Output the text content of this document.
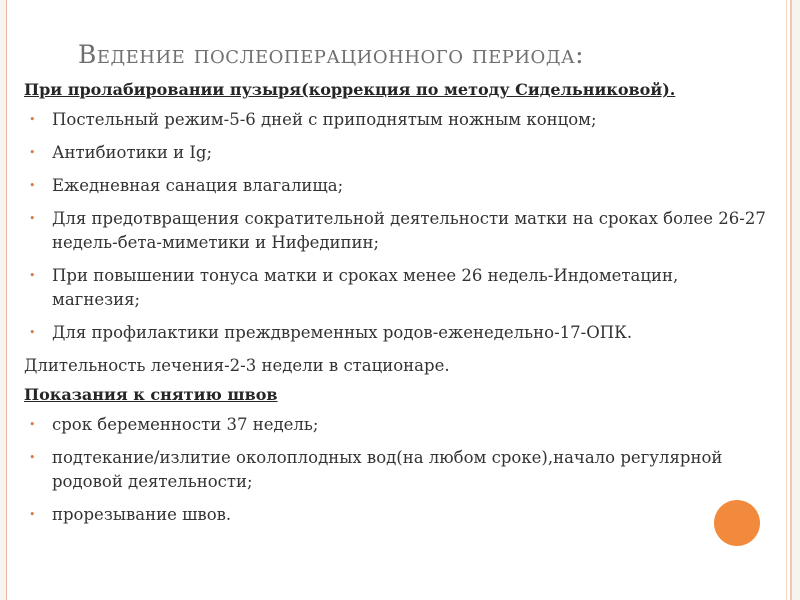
Ведение послеоперационного периода:
При пролабировании пузыря(коррекция по методу Сидельниковой).
• Постельный режим-5-6 дней с приподнятым ножным концом;
• Антибиотики и Ig;
• Ежедневная санация влагалища;
• Для предотвращения сократительной деятельности матки на сроках более 26-27 недель-бета-миметики и Нифедипин;
• При повышении тонуса матки и сроках менее 26 недель-Индометацин, магнезия;
• Для профилактики преждвременных родов-еженедельно-17-ОПК.
Длительность лечения-2-3 недели в стационаре.
Показания к снятию швов
• срок беременности 37 недель;
• подтекание/излитие околоплодных вод(на любом сроке),начало регулярной родовой деятельности;
• прорезывание швов.
